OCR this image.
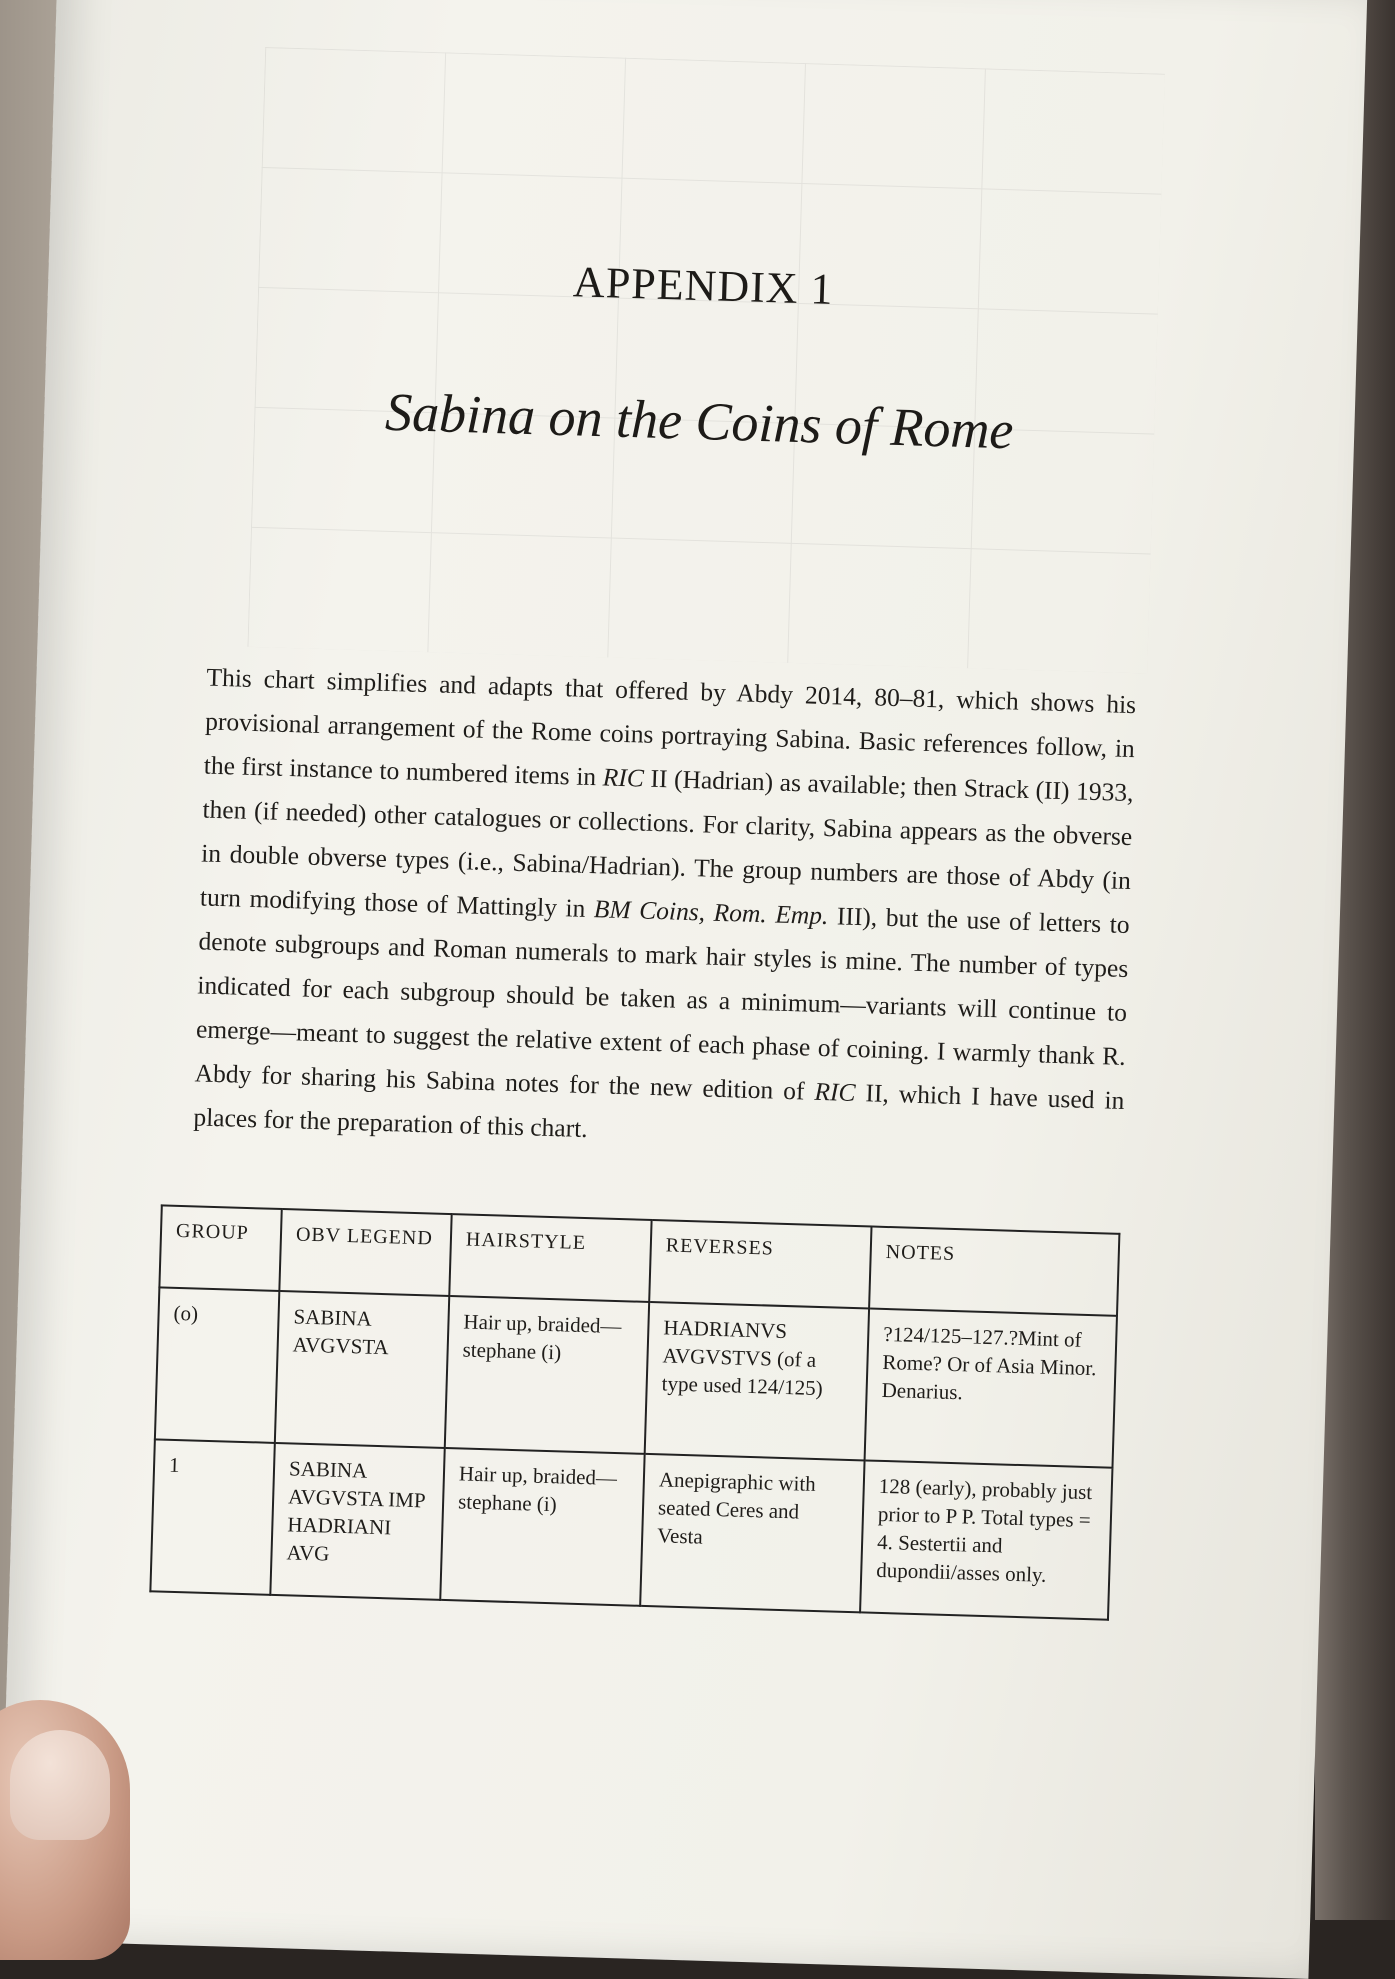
APPENDIX 1
Sabina on the Coins of Rome
This chart simplifies and adapts that offered by Abdy 2014, 80–81, which shows his provisional arrangement of the Rome coins portraying Sabina. Basic references follow, in the first instance to numbered items in RIC II (Hadrian) as available; then Strack (II) 1933, then (if needed) other catalogues or collections. For clarity, Sabina appears as the obverse in double obverse types (i.e., Sabina/Hadrian). The group numbers are those of Abdy (in turn modifying those of Mattingly in BM Coins, Rom. Emp. III), but the use of letters to denote subgroups and Roman numerals to mark hair styles is mine. The number of types indicated for each subgroup should be taken as a minimum—variants will continue to emerge—meant to suggest the relative extent of each phase of coining. I warmly thank R. Abdy for sharing his Sabina notes for the new edition of RIC II, which I have used in places for the preparation of this chart.
GROUP	OBV LEGEND	HAIRSTYLE	REVERSES	NOTES
(o)	SABINA AVGVSTA	Hair up, braided—stephane (i)	HADRIANVS AVGVSTVS (of a type used 124/125)	?124/125–127.?Mint of Rome? Or of Asia Minor. Denarius.
1	SABINA AVGVSTA IMP HADRIANI AVG	Hair up, braided—stephane (i)	Anepigraphic with seated Ceres and Vesta	128 (early), probably just prior to P P. Total types = 4. Sestertii and dupondii/asses only.
